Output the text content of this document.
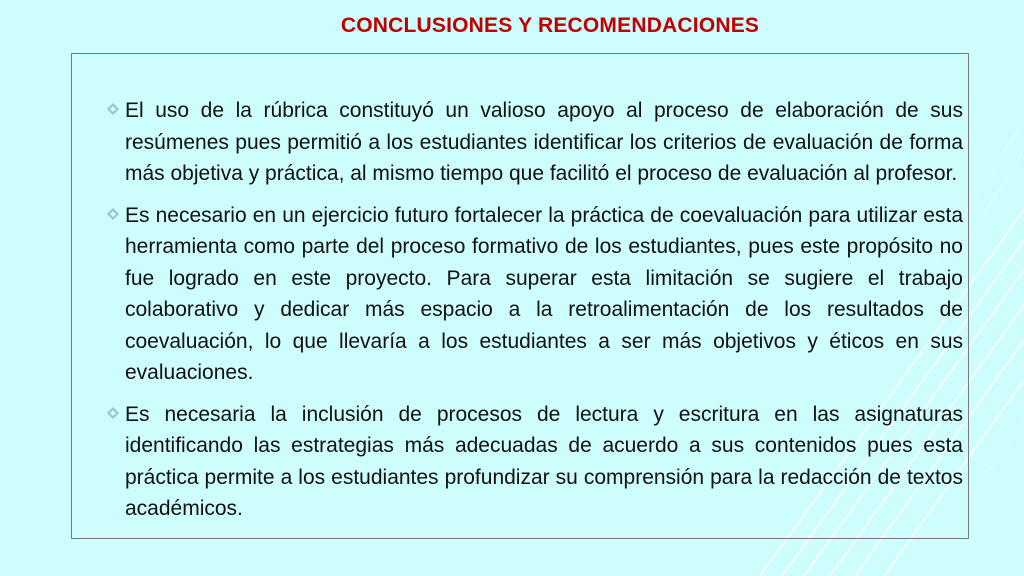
CONCLUSIONES Y RECOMENDACIONES
El uso de la rúbrica constituyó un valioso apoyo al proceso de elaboración de sus resúmenes pues permitió a los estudiantes identificar los criterios de evaluación de forma más objetiva y práctica, al mismo tiempo que facilitó el proceso de evaluación al profesor.
Es necesario en un ejercicio futuro fortalecer la práctica de coevaluación para utilizar esta herramienta como parte del proceso formativo de los estudiantes, pues este propósito no fue logrado en este proyecto. Para superar esta limitación se sugiere el trabajo colaborativo y dedicar más espacio a la retroalimentación de los resultados de coevaluación, lo que llevaría a los estudiantes a ser más objetivos y éticos en sus evaluaciones.
Es necesaria la inclusión de procesos de lectura y escritura en las asignaturas identificando las estrategias más adecuadas de acuerdo a sus contenidos pues esta práctica permite a los estudiantes profundizar su comprensión para la redacción de textos académicos.
